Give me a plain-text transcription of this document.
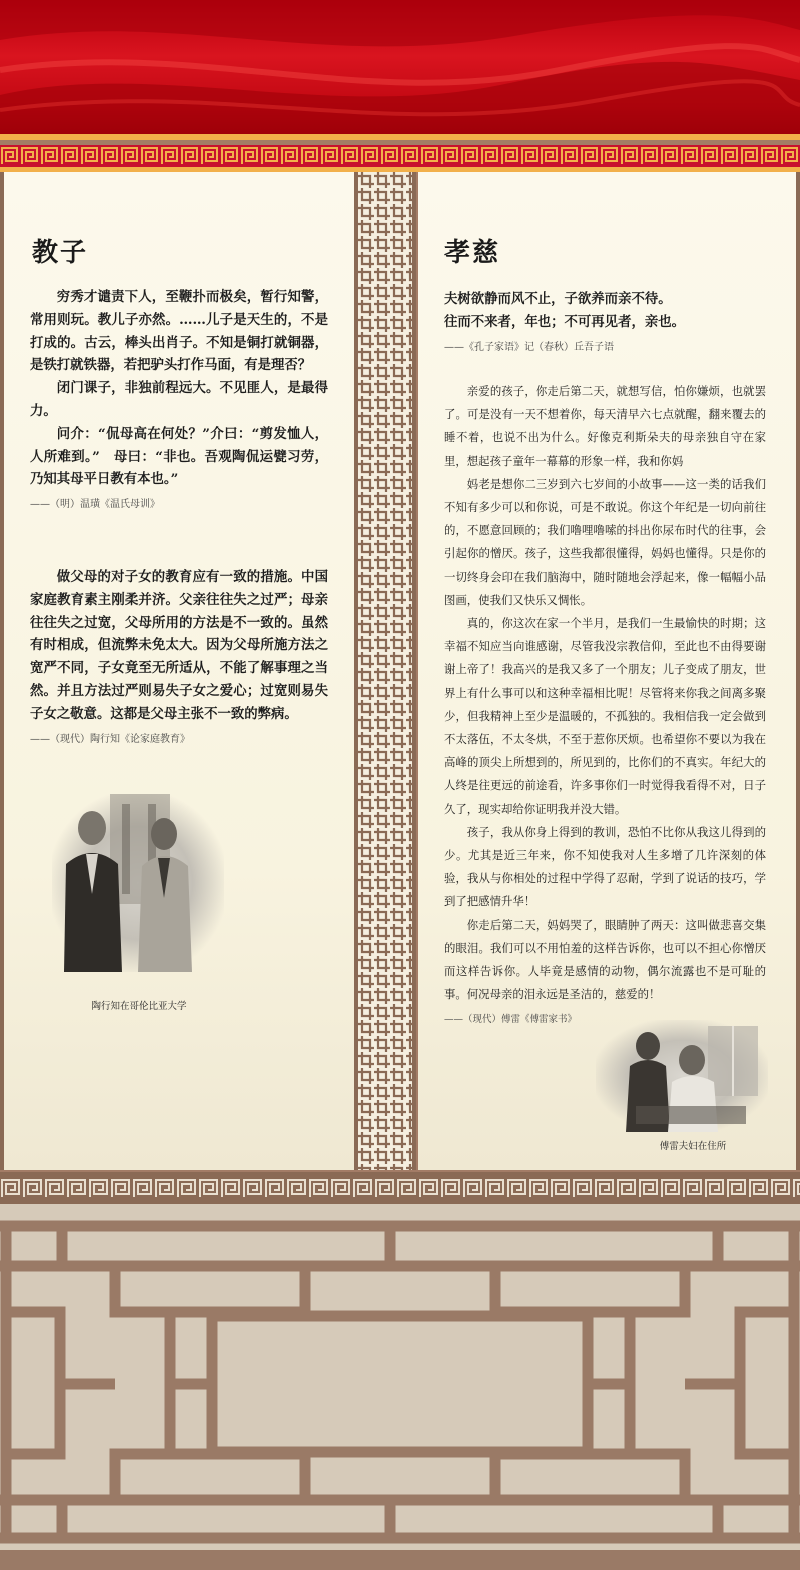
教子

穷秀才谴责下人，至鞭扑而极矣，暂行知警，常用则玩。教儿子亦然。……儿子是天生的，不是打成的。古云，棒头出肖子。不知是铜打就铜器，是铁打就铁器，若把驴头打作马面，有是理否？

闭门课子，非独前程远大。不见匪人，是最得力。

问介：“侃母高在何处？”介曰：“剪发恤人，人所难到。”　母曰：“非也。吾观陶侃运甓习劳，乃知其母平日教有本也。”

——（明）温璜《温氏母训》

做父母的对子女的教育应有一致的措施。中国家庭教育素主刚柔并济。父亲往往失之过严；母亲往往失之过宽，父母所用的方法是不一致的。虽然有时相成，但流弊未免太大。因为父母所施方法之宽严不同，子女竟至无所适从，不能了解事理之当然。并且方法过严则易失子女之爱心；过宽则易失子女之敬意。这都是父母主张不一致的弊病。

——（现代）陶行知《论家庭教育》
陶行知在哥伦比亚大学
孝慈

夫树欲静而风不止，子欲养而亲不待。

往而不来者，年也；不可再见者，亲也。

——《孔子家语》记（春秋）丘吾子语

亲爱的孩子，你走后第二天，就想写信，怕你嫌烦，也就罢了。可是没有一天不想着你，每天清早六七点就醒，翻来覆去的睡不着，也说不出为什么。好像克利斯朵夫的母亲独自守在家里，想起孩子童年一幕幕的形象一样，我和你妈

妈老是想你二三岁到六七岁间的小故事——这一类的话我们不知有多少可以和你说，可是不敢说。你这个年纪是一切向前往的，不愿意回顾的；我们噜哩噜嗦的抖出你尿布时代的往事，会引起你的憎厌。孩子，这些我都很懂得，妈妈也懂得。只是你的一切终身会印在我们脑海中，随时随地会浮起来，像一幅幅小品图画，使我们又快乐又惆怅。

真的，你这次在家一个半月，是我们一生最愉快的时期；这幸福不知应当向谁感谢，尽管我没宗教信仰，至此也不由得要谢谢上帝了！我高兴的是我又多了一个朋友；儿子变成了朋友，世界上有什么事可以和这种幸福相比呢！尽管将来你我之间离多聚少，但我精神上至少是温暖的，不孤独的。我相信我一定会做到不太落伍，不太冬烘，不至于惹你厌烦。也希望你不要以为我在高峰的顶尖上所想到的，所见到的，比你们的不真实。年纪大的人终是往更远的前途看，许多事你们一时觉得我看得不对，日子久了，现实却给你证明我并没大错。

孩子，我从你身上得到的教训，恐怕不比你从我这儿得到的少。尤其是近三年来，你不知使我对人生多增了几许深刻的体验，我从与你相处的过程中学得了忍耐，学到了说话的技巧，学到了把感情升华！

你走后第二天，妈妈哭了，眼睛肿了两天：这叫做悲喜交集的眼泪。我们可以不用怕羞的这样告诉你，也可以不担心你憎厌而这样告诉你。人毕竟是感情的动物，偶尔流露也不是可耻的事。何况母亲的泪永远是圣洁的，慈爱的！

——（现代）傅雷《傅雷家书》
傅雷夫妇在住所
